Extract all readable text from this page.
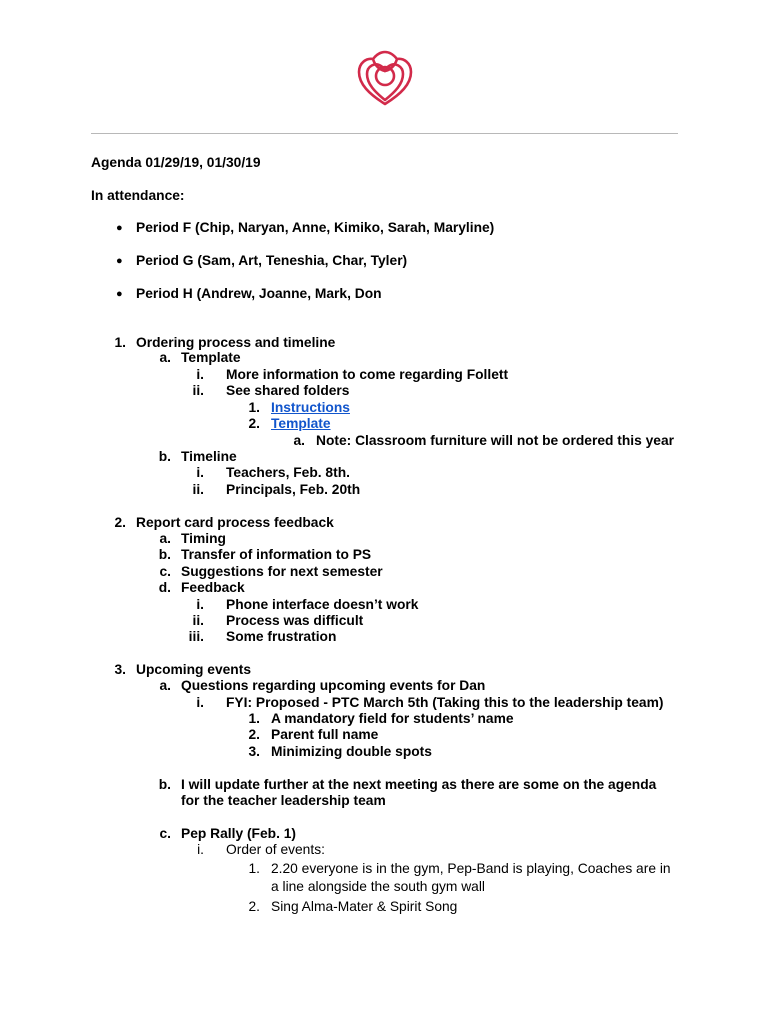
Agenda 01/29/19, 01/30/19
In attendance:
● Period F (Chip, Naryan, Anne, Kimiko, Sarah, Maryline)
● Period G (Sam, Art, Teneshia, Char, Tyler)
● Period H (Andrew, Joanne, Mark, Don
1. Ordering process and timeline
a. Template
i. More information to come regarding Follett
ii. See shared folders
1. Instructions
2. Template
a. Note: Classroom furniture will not be ordered this year
b. Timeline
i. Teachers, Feb. 8th.
ii. Principals, Feb. 20th
2. Report card process feedback
a. Timing
b. Transfer of information to PS
c. Suggestions for next semester
d. Feedback
i. Phone interface doesn’t work
ii. Process was difficult
iii. Some frustration
3. Upcoming events
a. Questions regarding upcoming events for Dan
i. FYI: Proposed - PTC March 5th (Taking this to the leadership team)
1. A mandatory field for students’ name
2. Parent full name
3. Minimizing double spots
b. I will update further at the next meeting as there are some on the agenda
for the teacher leadership team
c. Pep Rally (Feb. 1)
i. Order of events:
1. 2.20 everyone is in the gym, Pep-Band is playing, Coaches are in
a line alongside the south gym wall
2. Sing Alma-Mater & Spirit Song
